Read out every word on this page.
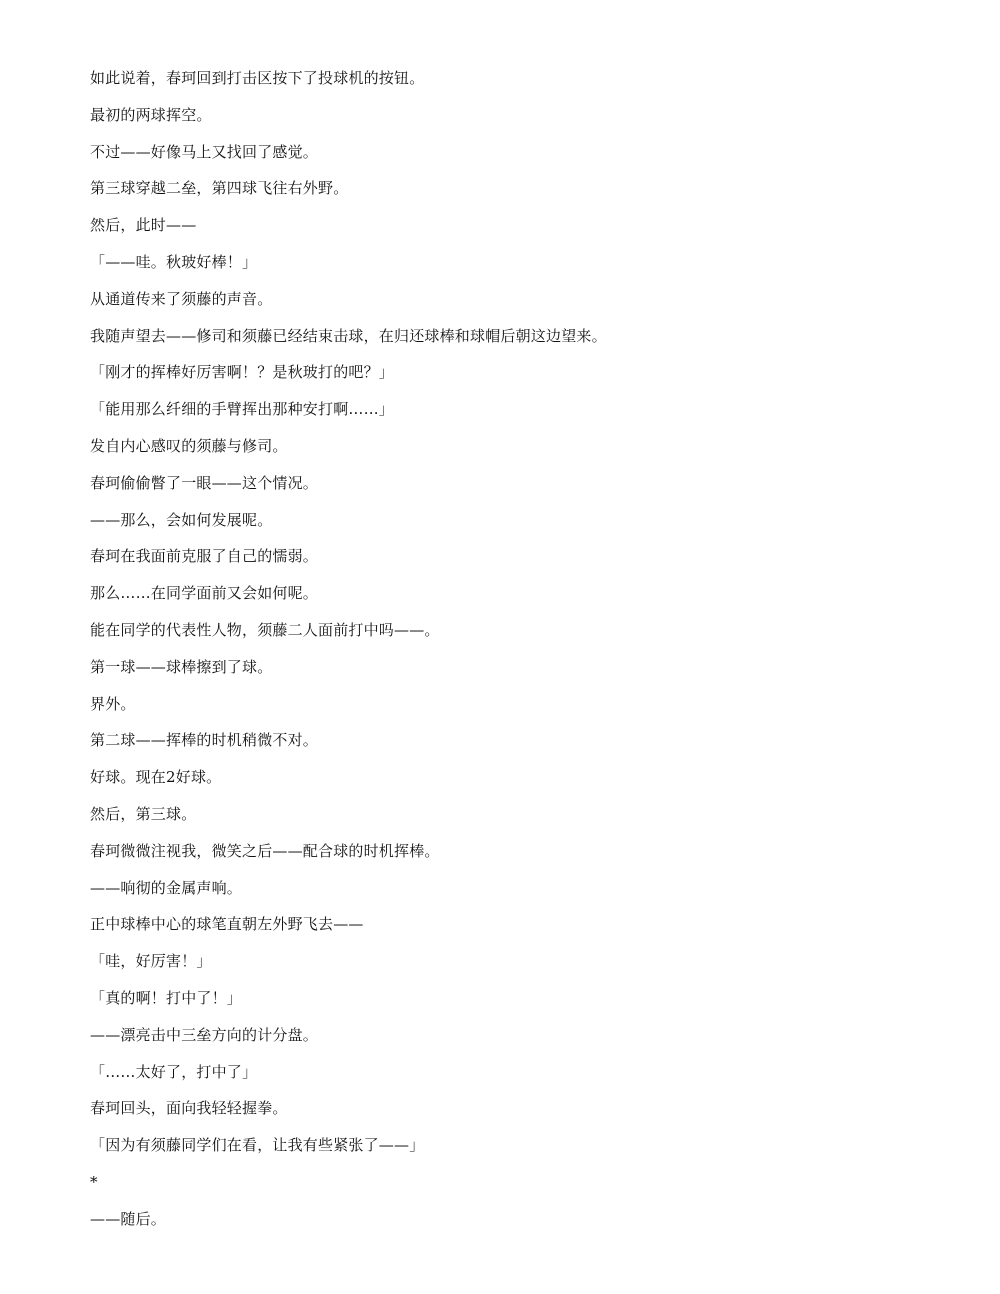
如此说着，春珂回到打击区按下了投球机的按钮。
最初的两球挥空。
不过——好像马上又找回了感觉。
第三球穿越二垒，第四球飞往右外野。
然后，此时——
「——哇。秋玻好棒！」
从通道传来了须藤的声音。
我随声望去——修司和须藤已经结束击球，在归还球棒和球帽后朝这边望来。
「刚才的挥棒好厉害啊！？是秋玻打的吧？」
「能用那么纤细的手臂挥出那种安打啊……」
发自内心感叹的须藤与修司。
春珂偷偷瞥了一眼——这个情况。
——那么，会如何发展呢。
春珂在我面前克服了自己的懦弱。
那么……在同学面前又会如何呢。
能在同学的代表性人物，须藤二人面前打中吗——。
第一球——球棒擦到了球。
界外。
第二球——挥棒的时机稍微不对。
好球。现在2好球。
然后，第三球。
春珂微微注视我，微笑之后——配合球的时机挥棒。
——响彻的金属声响。
正中球棒中心的球笔直朝左外野飞去——
「哇，好厉害！」
「真的啊！打中了！」
——漂亮击中三垒方向的计分盘。
「……太好了，打中了」
春珂回头，面向我轻轻握拳。
「因为有须藤同学们在看，让我有些紧张了——」
*
——随后。
